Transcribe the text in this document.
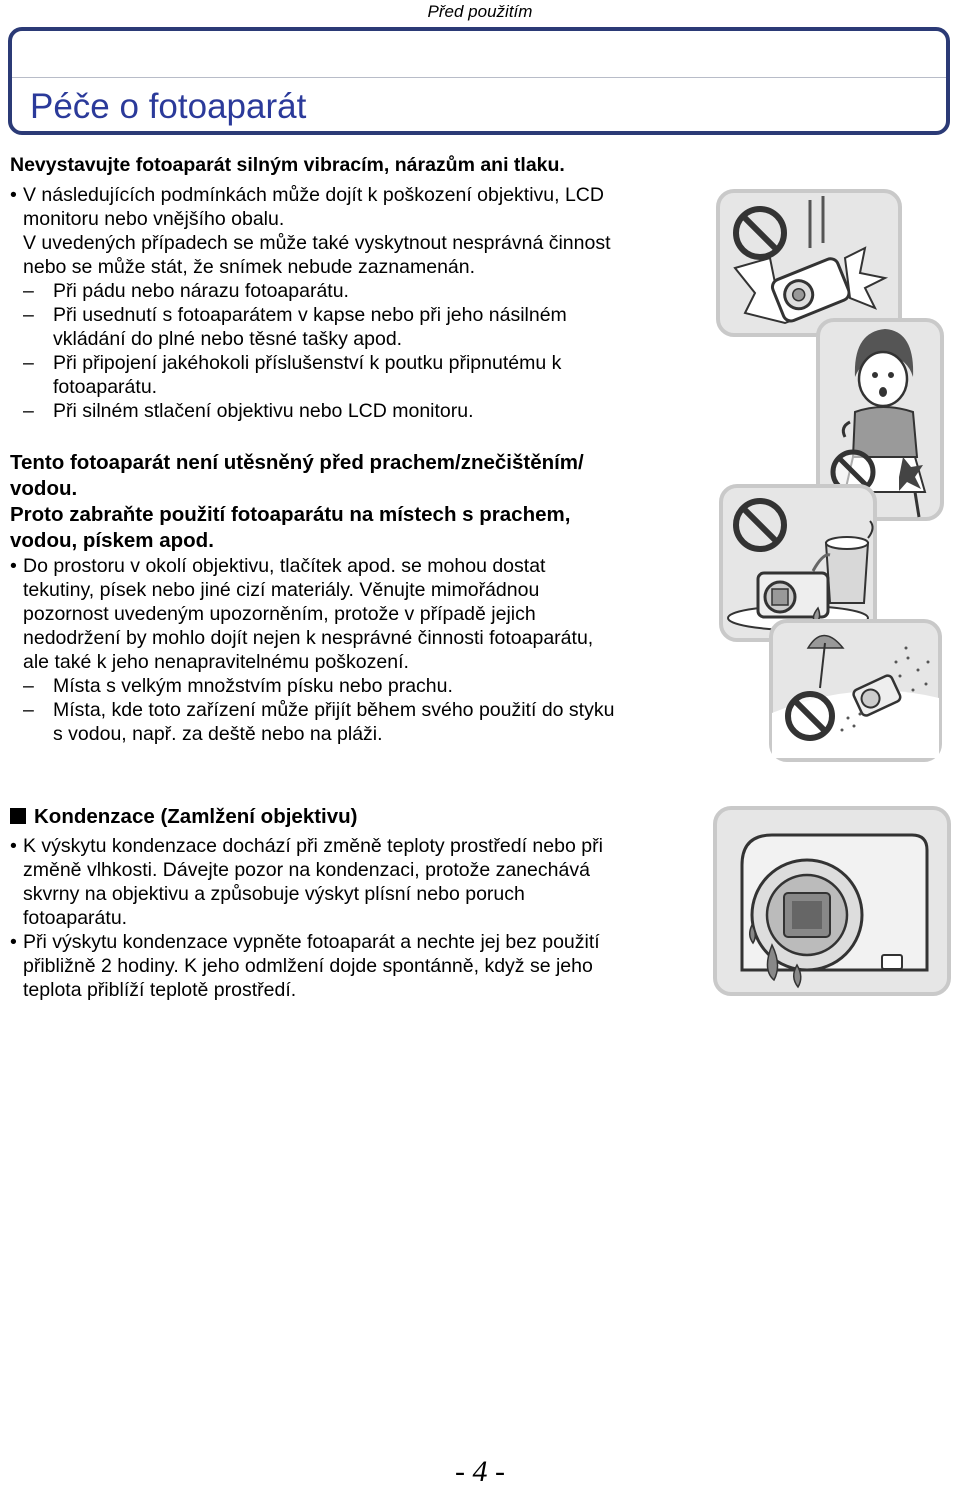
Před použitím
Péče o fotoaparát
Nevystavujte fotoaparát silným vibracím, nárazům ani tlaku.
• V následujících podmínkách může dojít k poškození objektivu, LCD
monitoru nebo vnějšího obalu.
V uvedených případech se může také vyskytnout nesprávná činnost
nebo se může stát, že snímek nebude zaznamenán.
– Při pádu nebo nárazu fotoaparátu.
– Při usednutí s fotoaparátem v kapse nebo při jeho násilném
vkládání do plné nebo těsné tašky apod.
– Při připojení jakéhokoli příslušenství k poutku připnutému k
fotoaparátu.
– Při silném stlačení objektivu nebo LCD monitoru.
Tento fotoaparát není utěsněný před prachem/znečištěním/
vodou.
Proto zabraňte použití fotoaparátu na místech s prachem,
vodou, pískem apod.
• Do prostoru v okolí objektivu, tlačítek apod. se mohou dostat
tekutiny, písek nebo jiné cizí materiály. Věnujte mimořádnou
pozornost uvedeným upozorněním, protože v případě jejich
nedodržení by mohlo dojít nejen k nesprávné činnosti fotoaparátu,
ale také k jeho nenapravitelnému poškození.
– Místa s velkým množstvím písku nebo prachu.
– Místa, kde toto zařízení může přijít během svého použití do styku
s vodou, např. za deště nebo na pláži.
Kondenzace (Zamlžení objektivu)
• K výskytu kondenzace dochází při změně teploty prostředí nebo při
změně vlhkosti. Dávejte pozor na kondenzaci, protože zanechává
skvrny na objektivu a způsobuje výskyt plísní nebo poruch
fotoaparátu.
• Při výskytu kondenzace vypněte fotoaparát a nechte jej bez použití
přibližně 2 hodiny. K jeho odmlžení dojde spontánně, když se jeho
teplota přiblíží teplotě prostředí.
- 4 -
